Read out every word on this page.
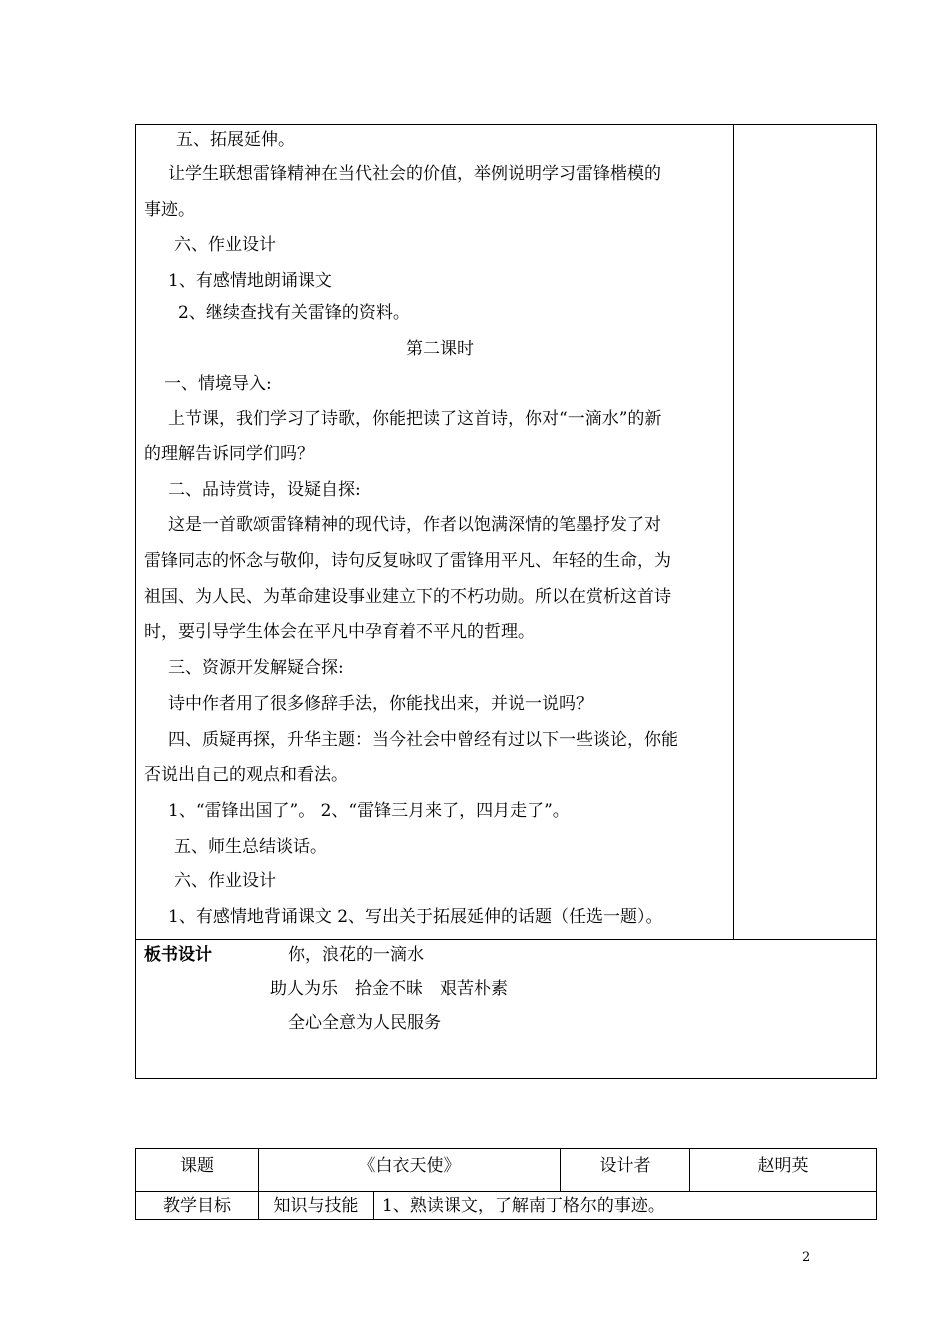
五、拓展延伸。
让学生联想雷锋精神在当代社会的价值，举例说明学习雷锋楷模的
事迹。
六、作业设计
1、有感情地朗诵课文
2、继续查找有关雷锋的资料。
第二课时
一、情境导入:
上节课，我们学习了诗歌，你能把读了这首诗，你对“一滴水”的新
的理解告诉同学们吗？
二、品诗赏诗，设疑自探:
这是一首歌颂雷锋精神的现代诗，作者以饱满深情的笔墨抒发了对
雷锋同志的怀念与敬仰，诗句反复咏叹了雷锋用平凡、年轻的生命，为
祖国、为人民、为革命建设事业建立下的不朽功勋。所以在赏析这首诗
时，要引导学生体会在平凡中孕育着不平凡的哲理。
三、资源开发解疑合探:
诗中作者用了很多修辞手法，你能找出来，并说一说吗？
四、质疑再探，升华主题：当今社会中曾经有过以下一些谈论，你能
否说出自己的观点和看法。
1、“雷锋出国了”。 2、“雷锋三月来了，四月走了”。
五、师生总结谈话。
六、作业设计
1、有感情地背诵课文 2、写出关于拓展延伸的话题（任选一题）。
板书设计	你，浪花的一滴水
助人为乐　拾金不昧　艰苦朴素
全心全意为人民服务
课题	《白衣天使》	设计者	赵明英
教学目标	知识与技能	1、熟读课文，了解南丁格尔的事迹。
2
